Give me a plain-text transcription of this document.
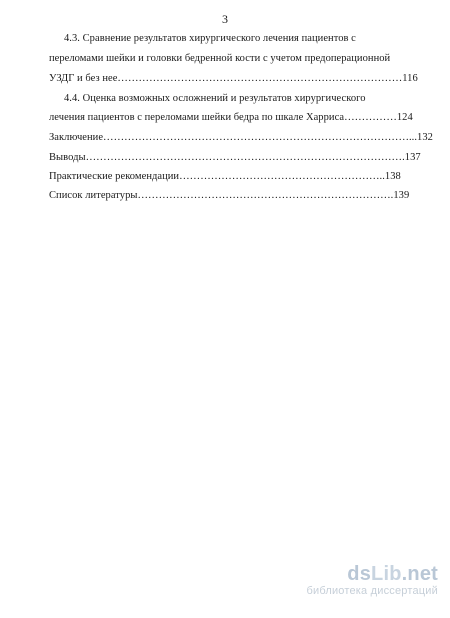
3
4.3. Сравнение результатов хирургического лечения пациентов с
переломами шейки и головки бедренной кости с учетом предоперационной
УЗДГ и без нее………………………………………………………………………116
4.4. Оценка возможных осложнений и результатов хирургического
лечения пациентов с переломами шейки бедра по шкале Харриса……………124
Заключение……………………………………………………………………………...132
Выводы……………………………………………………………………………….137
Практические рекомендации…………………………………………………..138
Список литературы……………………………………………………………….139
dsLib.net
библиотека диссертаций
